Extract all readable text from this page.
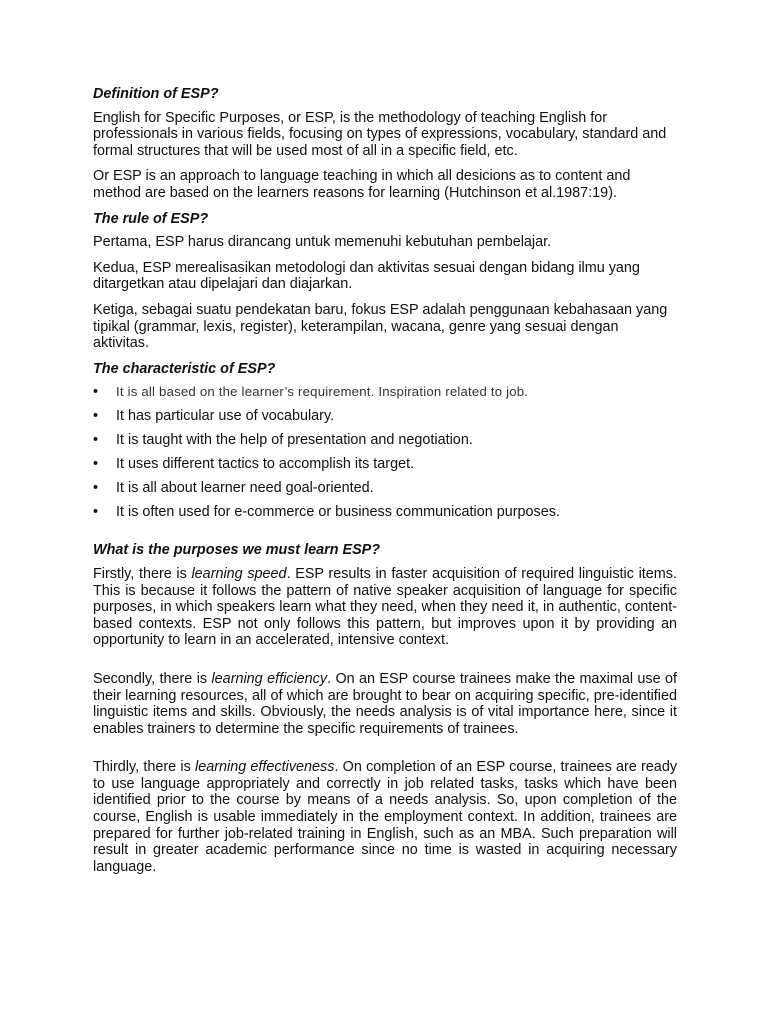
Definition of ESP?

English for Specific Purposes, or ESP, is the methodology of teaching English for professionals in various fields, focusing on types of expressions, vocabulary, standard and formal structures that will be used most of all in a specific field, etc.

Or ESP is an approach to language teaching in which all desicions as to content and method are based on the learners reasons for learning (Hutchinson et al.1987:19).

The rule of ESP?

Pertama, ESP harus dirancang untuk memenuhi kebutuhan pembelajar.

Kedua, ESP merealisasikan metodologi dan aktivitas sesuai dengan bidang ilmu yang ditargetkan atau dipelajari dan diajarkan.

Ketiga, sebagai suatu pendekatan baru, fokus ESP adalah penggunaan kebahasaan yang tipikal (grammar, lexis, register), keterampilan, wacana, genre yang sesuai dengan aktivitas.

The characteristic of ESP?

• It is all based on the learner’s requirement. Inspiration related to job.
• It has particular use of vocabulary.
• It is taught with the help of presentation and negotiation.
• It uses different tactics to accomplish its target.
• It is all about learner need goal-oriented.
• It is often used for e-commerce or business communication purposes.

What is the purposes we must learn ESP?

Firstly, there is learning speed. ESP results in faster acquisition of required linguistic items. This is because it follows the pattern of native speaker acquisition of language for specific purposes, in which speakers learn what they need, when they need it, in authentic, content-based contexts. ESP not only follows this pattern, but improves upon it by providing an opportunity to learn in an accelerated, intensive context.

Secondly, there is learning efficiency. On an ESP course trainees make the maximal use of their learning resources, all of which are brought to bear on acquiring specific, pre-identified linguistic items and skills. Obviously, the needs analysis is of vital importance here, since it enables trainers to determine the specific requirements of trainees.

Thirdly, there is learning effectiveness. On completion of an ESP course, trainees are ready to use language appropriately and correctly in job related tasks, tasks which have been identified prior to the course by means of a needs analysis. So, upon completion of the course, English is usable immediately in the employment context. In addition, trainees are prepared for further job-related training in English, such as an MBA. Such preparation will result in greater academic performance since no time is wasted in acquiring necessary language.
